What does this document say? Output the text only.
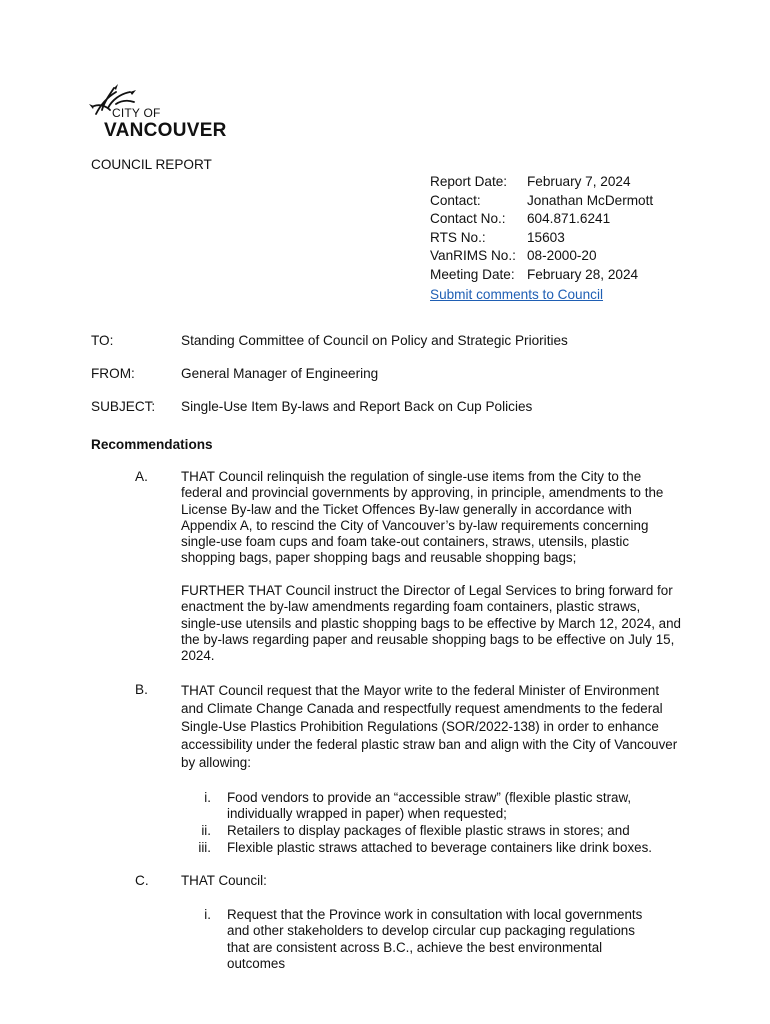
CITY OF
VANCOUVER
COUNCIL REPORT
Report Date: February 7, 2024
Contact:	Jonathan McDermott
Contact No.: 604.871.6241
RTS No.:	15603
VanRIMS No.: 08-2000-20
Meeting Date: February 28, 2024
Submit comments to Council
TO:	Standing Committee of Council on Policy and Strategic Priorities
FROM:	General Manager of Engineering
SUBJECT: Single-Use Item By-laws and Report Back on Cup Policies
Recommendations
A. THAT Council relinquish the regulation of single-use items from the City to the federal and provincial governments by approving, in principle, amendments to the License By-law and the Ticket Offences By-law generally in accordance with Appendix A, to rescind the City of Vancouver’s by-law requirements concerning single-use foam cups and foam take-out containers, straws, utensils, plastic shopping bags, paper shopping bags and reusable shopping bags;
FURTHER THAT Council instruct the Director of Legal Services to bring forward for enactment the by-law amendments regarding foam containers, plastic straws, single-use utensils and plastic shopping bags to be effective by March 12, 2024, and the by-laws regarding paper and reusable shopping bags to be effective on July 15, 2024.
B. THAT Council request that the Mayor write to the federal Minister of Environment and Climate Change Canada and respectfully request amendments to the federal Single-Use Plastics Prohibition Regulations (SOR/2022-138) in order to enhance accessibility under the federal plastic straw ban and align with the City of Vancouver by allowing:
i. Food vendors to provide an “accessible straw” (flexible plastic straw, individually wrapped in paper) when requested;
ii. Retailers to display packages of flexible plastic straws in stores; and
iii. Flexible plastic straws attached to beverage containers like drink boxes.
C. THAT Council:
i. Request that the Province work in consultation with local governments and other stakeholders to develop circular cup packaging regulations that are consistent across B.C., achieve the best environmental outcomes
